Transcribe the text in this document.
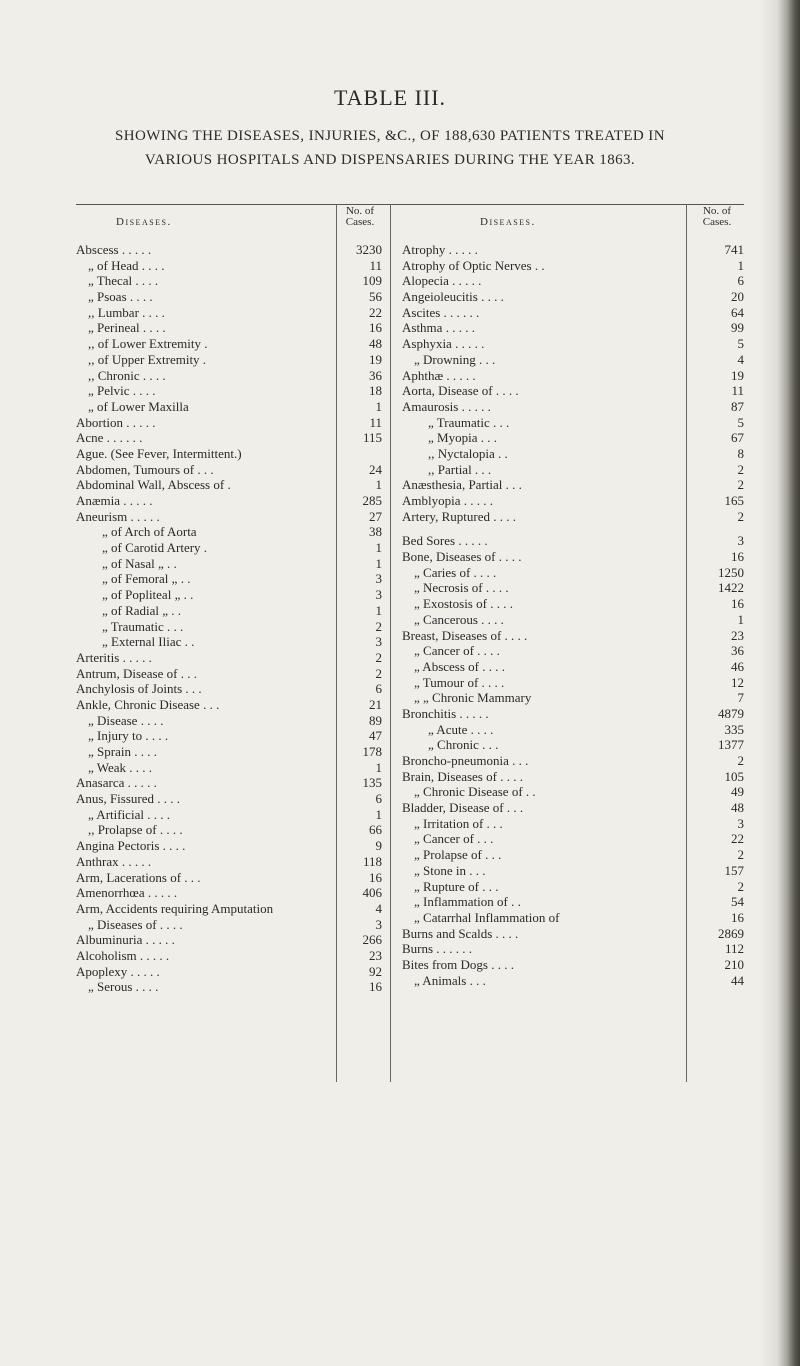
TABLE III.
SHOWING THE DISEASES, INJURIES, &C., OF 188,630 PATIENTS TREATED IN
VARIOUS HOSPITALS AND DISPENSARIES DURING THE YEAR 1863.
Diseases.
No. of
Cases.
Abscess . . . . .	3230
„ of Head . . . .	11
„ Thecal . . . .	109
„ Psoas . . . .	56
,, Lumbar . . . .	22
„ Perineal . . . .	16
,, of Lower Extremity .	48
,, of Upper Extremity .	19
,, Chronic . . . .	36
„ Pelvic . . . .	18
„ of Lower Maxilla	1
Abortion . . . . .	11
Acne . . . . . .	115
Ague. (See Fever, Intermittent.)
Abdomen, Tumours of . . .	24
Abdominal Wall, Abscess of .	1
Anæmia . . . . .	285
Aneurism . . . . .	27
„ of Arch of Aorta	38
„ of Carotid Artery .	1
„ of Nasal „ . .	1
„ of Femoral „ . .	3
„ of Popliteal „ . .	3
„ of Radial „ . .	1
„ Traumatic . . .	2
„ External Iliac . .	3
Arteritis . . . . .	2
Antrum, Disease of . . .	2
Anchylosis of Joints . . .	6
Ankle, Chronic Disease . . .	21
„ Disease . . . .	89
„ Injury to . . . .	47
„ Sprain . . . .	178
„ Weak . . . .	1
Anasarca . . . . .	135
Anus, Fissured . . . .	6
„ Artificial . . . .	1
,, Prolapse of . . . .	66
Angina Pectoris . . . .	9
Anthrax . . . . .	118
Arm, Lacerations of . . .	16
Amenorrhœa . . . . .	406
Arm, Accidents requiring Amputation	4
„ Diseases of . . . .	3
Albuminuria . . . . .	266
Alcoholism . . . . .	23
Apoplexy . . . . .	92
„ Serous . . . .	16
Diseases.
No. of
Cases.
Atrophy . . . . .	741
Atrophy of Optic Nerves . .	1
Alopecia . . . . .	6
Angeioleucitis . . . .	20
Ascites . . . . . .	64
Asthma . . . . .	99
Asphyxia . . . . .	5
„ Drowning . . .	4
Aphthæ . . . . .	19
Aorta, Disease of . . . .	11
Amaurosis . . . . .	87
„ Traumatic . . .	5
„ Myopia . . .	67
,, Nyctalopia . .	8
,, Partial . . .	2
Anæsthesia, Partial . . .	2
Amblyopia . . . . .	165
Artery, Ruptured . . . .	2
Bed Sores . . . . .	3
Bone, Diseases of . . . .	16
„ Caries of . . . .	1250
„ Necrosis of . . . .	1422
„ Exostosis of . . . .	16
„ Cancerous . . . .	1
Breast, Diseases of . . . .	23
„ Cancer of . . . .	36
„ Abscess of . . . .	46
„ Tumour of . . . .	12
„ „ Chronic Mammary	7
Bronchitis . . . . .	4879
„ Acute . . . .	335
„ Chronic . . .	1377
Broncho-pneumonia . . .	2
Brain, Diseases of . . . .	105
„ Chronic Disease of . .	49
Bladder, Disease of . . .	48
„ Irritation of . . .	3
„ Cancer of . . .	22
„ Prolapse of . . .	2
„ Stone in . . .	157
„ Rupture of . . .	2
„ Inflammation of . .	54
„ Catarrhal Inflammation of	16
Burns and Scalds . . . .	2869
Burns . . . . . .	112
Bites from Dogs . . . .	210
„ Animals . . .	44
